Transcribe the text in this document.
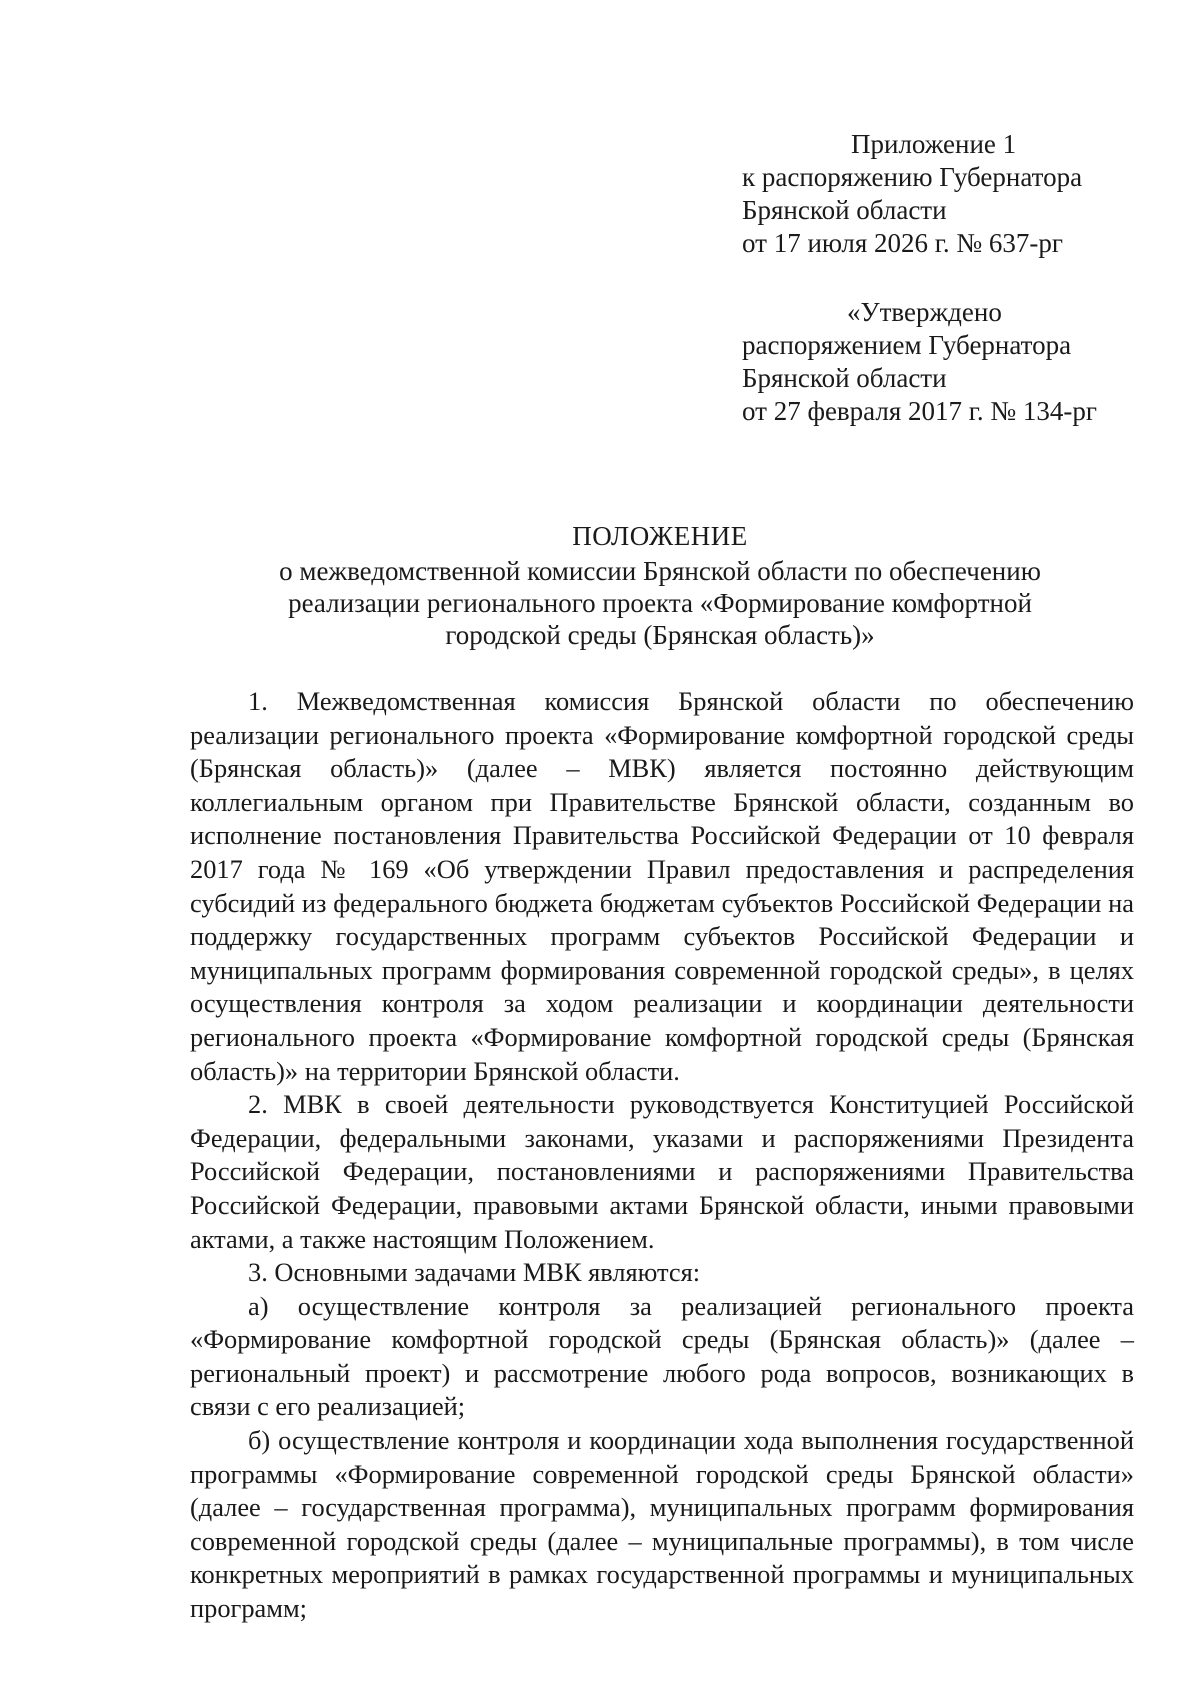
Приложение 1
к распоряжению Губернатора
Брянской области
от 17 июля 2026 г. № 637-рг
«Утверждено
распоряжением Губернатора
Брянской области
от 27 февраля 2017 г. № 134-рг
ПОЛОЖЕНИЕ
о межведомственной комиссии Брянской области по обеспечению
реализации регионального проекта «Формирование комфортной
городской среды (Брянская область)»

1. Межведомственная комиссия Брянской области по обеспечению реализации регионального проекта «Формирование комфортной городской среды (Брянская область)» (далее – МВК) является постоянно действующим коллегиальным органом при Правительстве Брянской области, созданным во исполнение постановления Правительства Российской Федерации от 10 февраля 2017 года № 169 «Об утверждении Правил предоставления и распределения субсидий из федерального бюджета бюджетам субъектов Российской Федерации на поддержку государственных программ субъектов Российской Федерации и муниципальных программ формирования современной городской среды», в целях осуществления контроля за ходом реализации и координации деятельности регионального проекта «Формирование комфортной городской среды (Брянская область)» на территории Брянской области.

2. МВК в своей деятельности руководствуется Конституцией Российской Федерации, федеральными законами, указами и распоряжениями Президента Российской Федерации, постановлениями и распоряжениями Правительства Российской Федерации, правовыми актами Брянской области, иными правовыми актами, а также настоящим Положением.

3. Основными задачами МВК являются:

а) осуществление контроля за реализацией регионального проекта «Формирование комфортной городской среды (Брянская область)» (далее – региональный проект) и рассмотрение любого рода вопросов, возникающих в связи с его реализацией;

б) осуществление контроля и координации хода выполнения государственной программы «Формирование современной городской среды Брянской области» (далее – государственная программа), муниципальных программ формирования современной городской среды (далее – муниципальные программы), в том числе конкретных мероприятий в рамках государственной программы и муниципальных программ;
